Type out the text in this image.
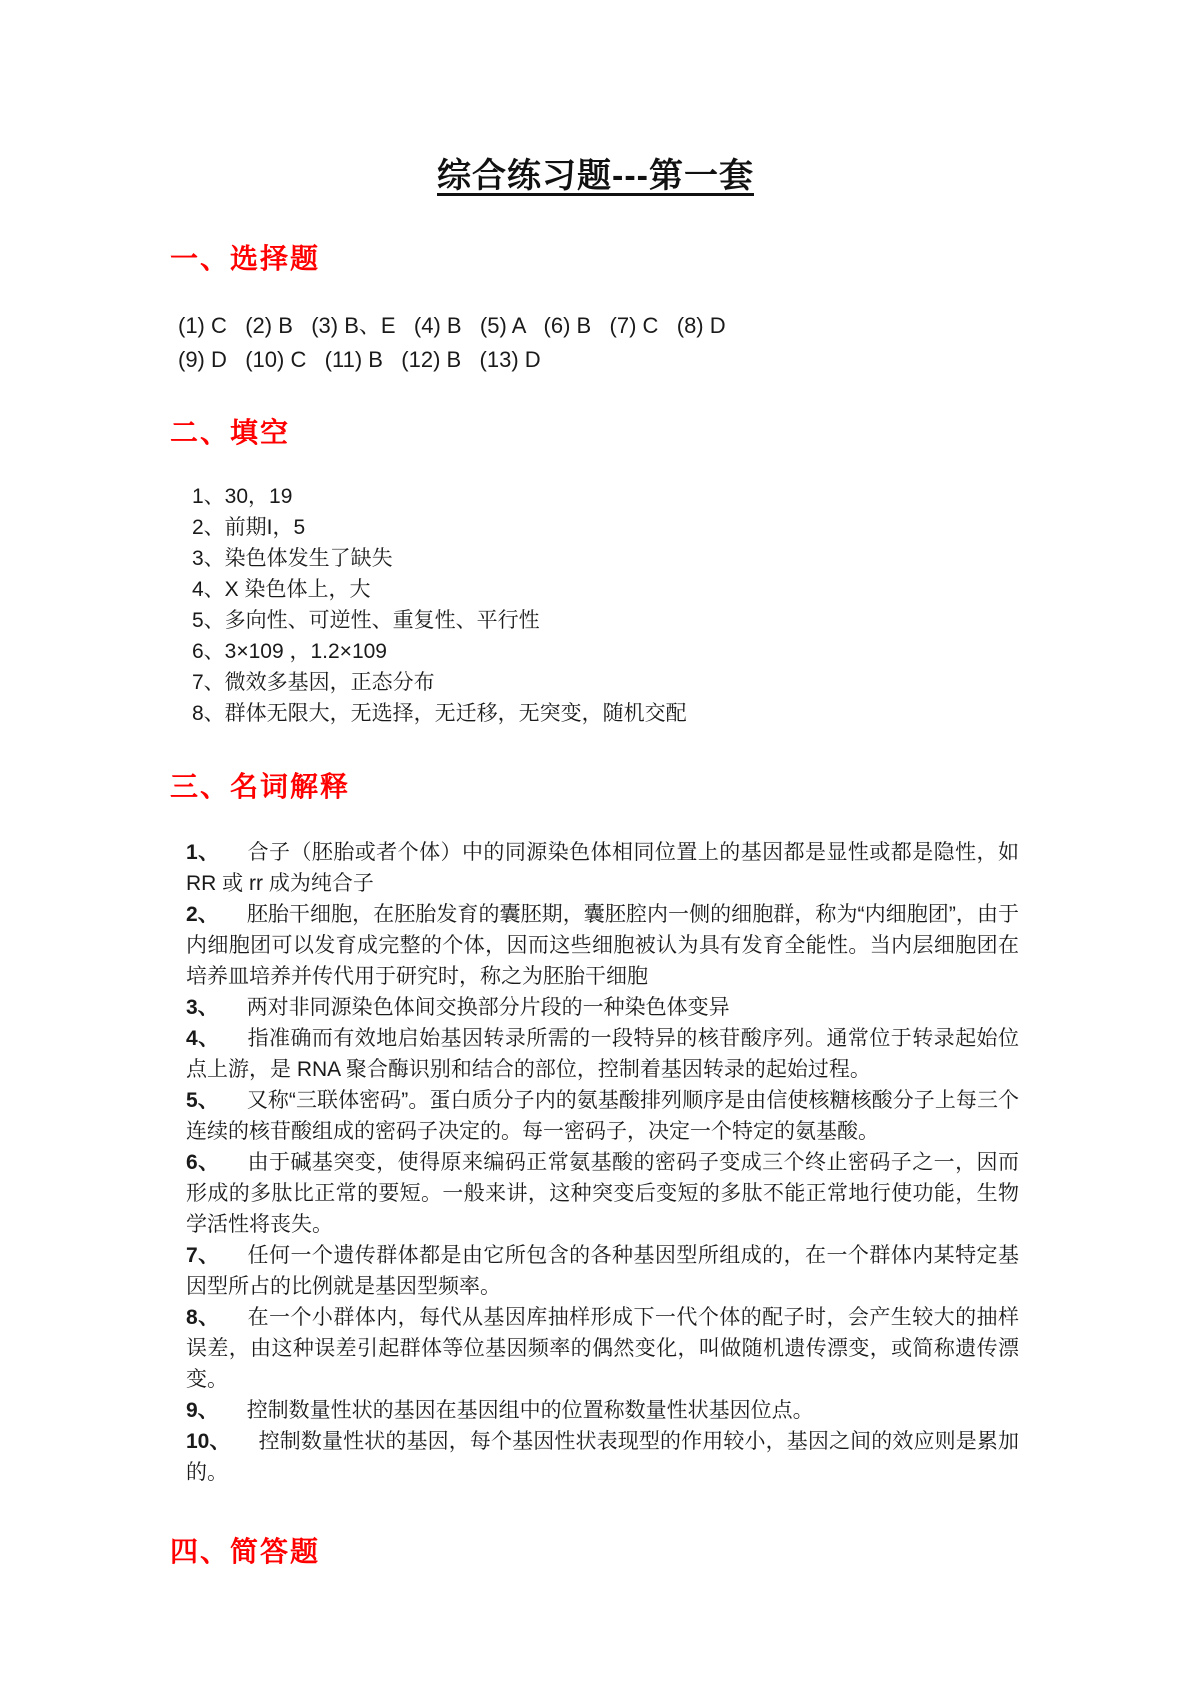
综合练习题---第一套
一、选择题

(1) C   (2) B   (3) B、E   (4) B   (5) A   (6) B   (7) C   (8) D

(9) D   (10) C   (11) B   (12) B   (13) D

二、填空

1、30，19

2、前期I，5

3、染色体发生了缺失

4、X 染色体上，大

5、多向性、可逆性、重复性、平行性

6、3×109 ，1.2×109

7、微效多基因，正态分布

8、群体无限大，无选择，无迁移，无突变，随机交配

三、名词解释

1、 合子（胚胎或者个体）中的同源染色体相同位置上的基因都是显性或都是隐性，如 RR 或 rr 成为纯合子

2、 胚胎干细胞，在胚胎发育的囊胚期，囊胚腔内一侧的细胞群，称为“内细胞团”，由于内细胞团可以发育成完整的个体，因而这些细胞被认为具有发育全能性。当内层细胞团在培养皿培养并传代用于研究时，称之为胚胎干细胞

3、 两对非同源染色体间交换部分片段的一种染色体变异

4、 指准确而有效地启始基因转录所需的一段特异的核苷酸序列。通常位于转录起始位点上游，是 RNA 聚合酶识别和结合的部位，控制着基因转录的起始过程。

5、 又称“三联体密码”。蛋白质分子内的氨基酸排列顺序是由信使核糖核酸分子上每三个连续的核苷酸组成的密码子决定的。每一密码子，决定一个特定的氨基酸。

6、 由于碱基突变，使得原来编码正常氨基酸的密码子变成三个终止密码子之一，因而形成的多肽比正常的要短。一般来讲，这种突变后变短的多肽不能正常地行使功能，生物学活性将丧失。

7、 任何一个遗传群体都是由它所包含的各种基因型所组成的，在一个群体内某特定基因型所占的比例就是基因型频率。

8、 在一个小群体内，每代从基因库抽样形成下一代个体的配子时，会产生较大的抽样误差，由这种误差引起群体等位基因频率的偶然变化，叫做随机遗传漂变，或简称遗传漂变。

9、 控制数量性状的基因在基因组中的位置称数量性状基因位点。

10、 控制数量性状的基因，每个基因性状表现型的作用较小，基因之间的效应则是累加的。

四、简答题
